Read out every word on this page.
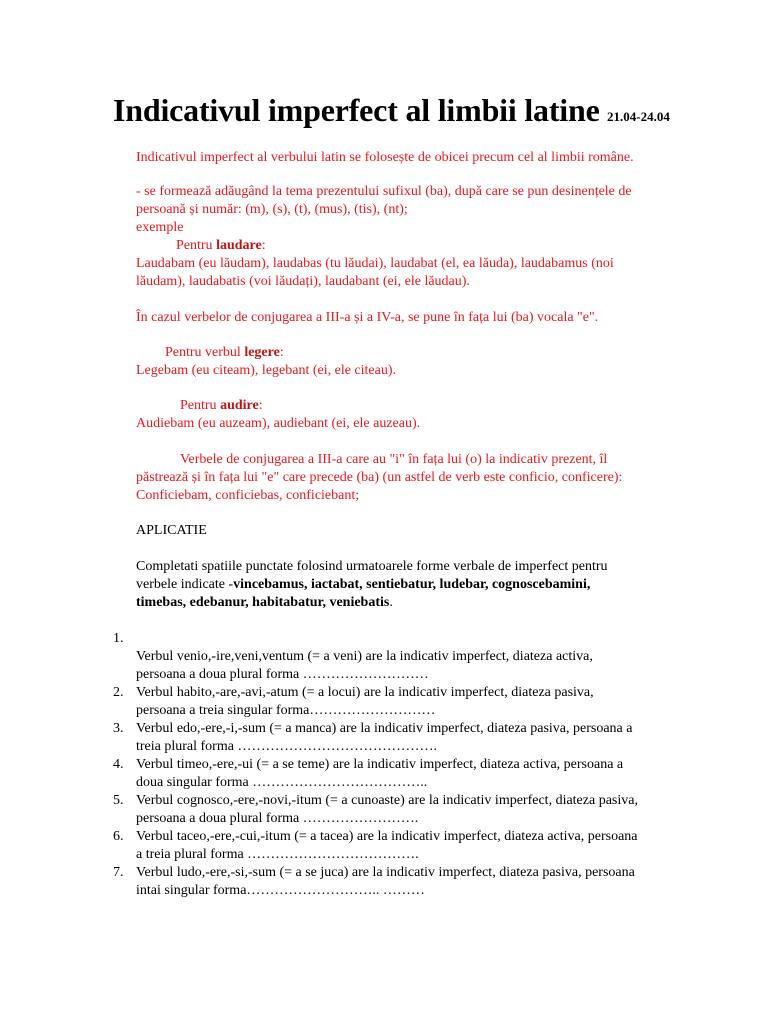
Indicativul imperfect al limbii latine 21.04-24.04
Indicativul imperfect al verbului latin se folosește de obicei precum cel al limbii române.
- se formează adăugând la tema prezentului sufixul (ba), după care se pun desinențele de
persoană și număr: (m), (s), (t), (mus), (tis), (nt);
exemple
Pentru laudare:
Laudabam (eu lăudam), laudabas (tu lăudai), laudabat (el, ea lăuda), laudabamus (noi
lăudam), laudabatis (voi lăudați), laudabant (ei, ele lăudau).
În cazul verbelor de conjugarea a III-a și a IV-a, se pune în fața lui (ba) vocala "e".
Pentru verbul legere:
Legebam (eu citeam), legebant (ei, ele citeau).
Pentru audire:
Audiebam (eu auzeam), audiebant (ei, ele auzeau).
Verbele de conjugarea a III-a care au "i" în fața lui (o) la indicativ prezent, îl
păstrează și în fața lui "e" care precede (ba) (un astfel de verb este conficio, conficere):
Conficiebam, conficiebas, conficiebant;
APLICATIE
Completati spatiile punctate folosind urmatoarele forme verbale de imperfect pentru
verbele indicate -vincebamus, iactabat, sentiebatur, ludebar, cognoscebamini,
timebas, edebanur, habitabatur, veniebatis.
1.
Verbul venio,-ire,veni,ventum (= a veni) are la indicativ imperfect, diateza activa,
persoana a doua plural forma ………………………
2. Verbul habito,-are,-avi,-atum (= a locui) are la indicativ imperfect, diateza pasiva,
persoana a treia singular forma………………………
3. Verbul edo,-ere,-i,-sum (= a manca) are la indicativ imperfect, diateza pasiva, persoana a
treia plural forma …………………………………….
4. Verbul timeo,-ere,-ui (= a se teme) are la indicativ imperfect, diateza activa, persoana a
doua singular forma ………………………………..
5. Verbul cognosco,-ere,-novi,-itum (= a cunoaste) are la indicativ imperfect, diateza pasiva,
persoana a doua plural forma …………………….
6. Verbul taceo,-ere,-cui,-itum (= a tacea) are la indicativ imperfect, diateza activa, persoana
a treia plural forma ……………………………….
7. Verbul ludo,-ere,-si,-sum (= a se juca) are la indicativ imperfect, diateza pasiva, persoana
intai singular forma……………………….. ………
